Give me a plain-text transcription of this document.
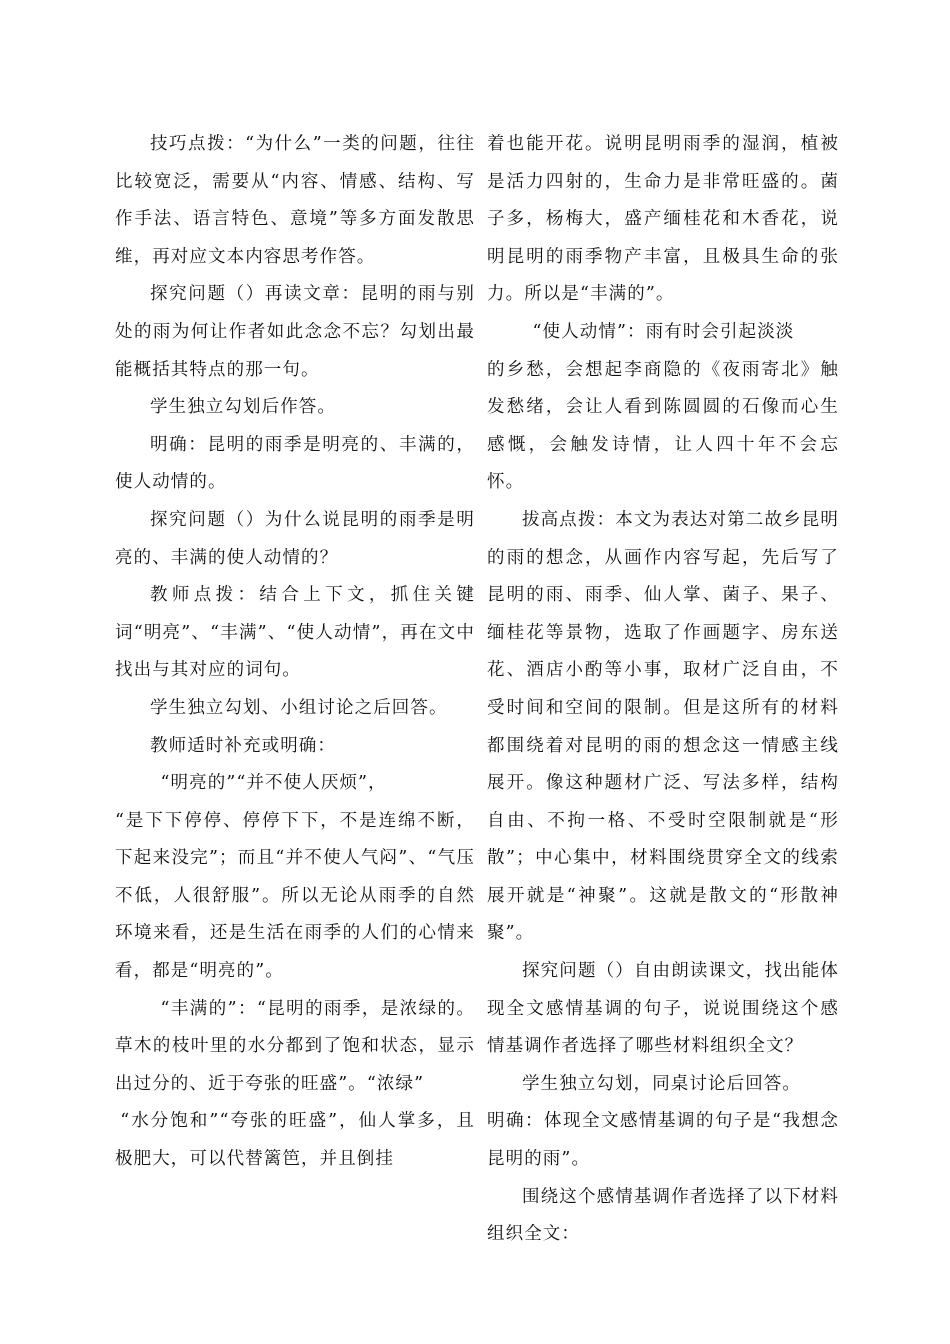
技巧点拨：“为什么”一类的问题，往往比较宽泛，需要从“内容、情感、结构、写作手法、语言特色、意境”等多方面发散思维，再对应文本内容思考作答。

探究问题（）再读文章：昆明的雨与别处的雨为何让作者如此念念不忘？勾划出最能概括其特点的那一句。

学生独立勾划后作答。

明确：昆明的雨季是明亮的、丰满的，使人动情的。

探究问题（）为什么说昆明的雨季是明亮的、丰满的使人动情的？

教师点拨：结合上下文，抓住关键词“明亮”、“丰满”、“使人动情”，再在文中找出与其对应的词句。

学生独立勾划、小组讨论之后回答。

教师适时补充或明确：

“明亮的”“并不使人厌烦”，

“是下下停停、停停下下，不是连绵不断，下起来没完”；而且“并不使人气闷”、“气压不低，人很舒服”。所以无论从雨季的自然环境来看，还是生活在雨季的人们的心情来看，都是“明亮的”。

“丰满的”：“昆明的雨季，是浓绿的。草木的枝叶里的水分都到了饱和状态，显示出过分的、近于夸张的旺盛”。“浓绿”

“水分饱和”“夸张的旺盛”，仙人掌多，且极肥大，可以代替篱笆，并且倒挂

着也能开花。说明昆明雨季的湿润，植被是活力四射的，生命力是非常旺盛的。菌子多，杨梅大，盛产缅桂花和木香花，说明昆明的雨季物产丰富，且极具生命的张力。所以是“丰满的”。

“使人动情”：雨有时会引起淡淡

的乡愁，会想起李商隐的《夜雨寄北》触发愁绪，会让人看到陈圆圆的石像而心生感慨，会触发诗情，让人四十年不会忘怀。

拔高点拨：本文为表达对第二故乡昆明的雨的想念，从画作内容写起，先后写了昆明的雨、雨季、仙人掌、菌子、果子、缅桂花等景物，选取了作画题字、房东送花、酒店小酌等小事，取材广泛自由，不受时间和空间的限制。但是这所有的材料都围绕着对昆明的雨的想念这一情感主线展开。像这种题材广泛、写法多样，结构自由、不拘一格、不受时空限制就是“形散”；中心集中，材料围绕贯穿全文的线索展开就是“神聚”。这就是散文的“形散神聚”。

探究问题（）自由朗读课文，找出能体现全文感情基调的句子，说说围绕这个感情基调作者选择了哪些材料组织全文？

学生独立勾划，同桌讨论后回答。

明确：体现全文感情基调的句子是“我想念昆明的雨”。

围绕这个感情基调作者选择了以下材料组织全文：
